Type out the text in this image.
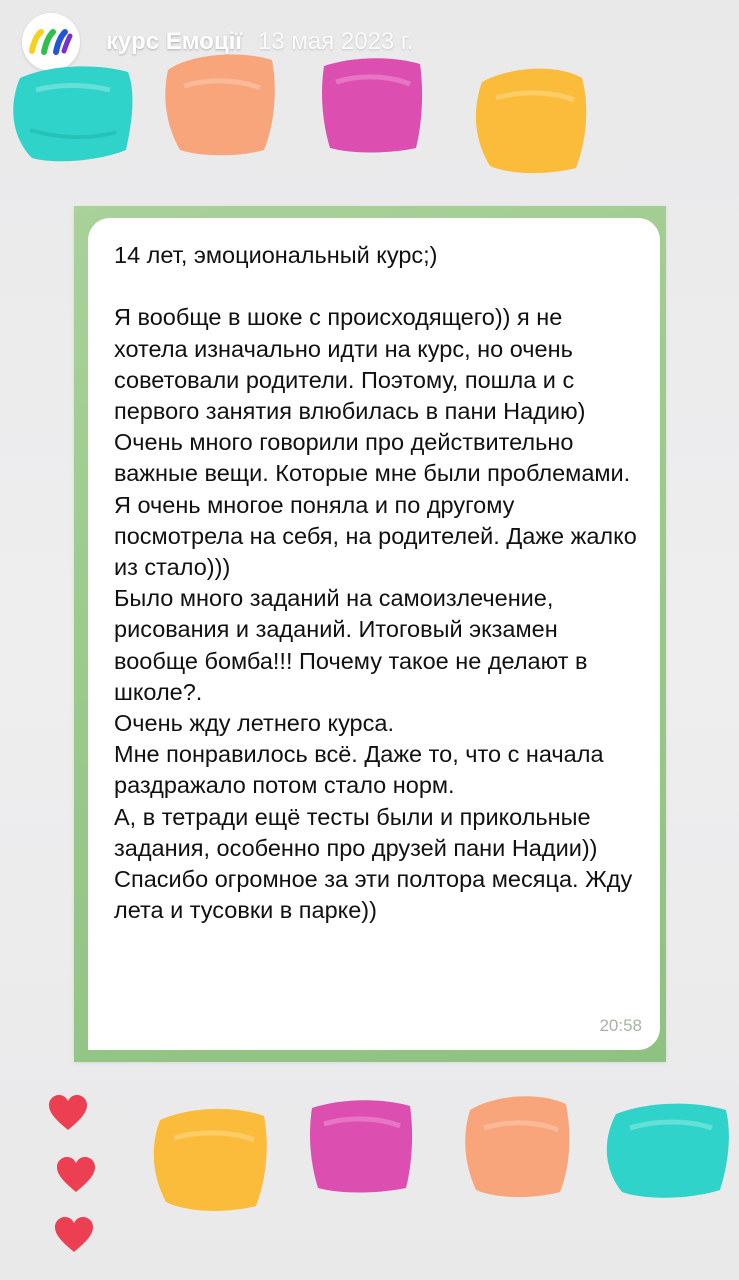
курс Емоції 13 мая 2023 г.
14 лет, эмоциональный курс;)

Я вообще в шоке с происходящего)) я не хотела изначально идти на курс, но очень советовали родители. Поэтому, пошла и с первого занятия влюбилась в пани Надию)
Очень много говорили про действительно важные вещи. Которые мне были проблемами. Я очень многое поняла и по другому посмотрела на себя, на родителей. Даже жалко из стало)))
Было много заданий на самоизлечение, рисования и заданий. Итоговый экзамен вообще бомба!!! Почему такое не делают в школе?.
Очень жду летнего курса.
Мне понравилось всё. Даже то, что с начала раздражало потом стало норм.
А, в тетради ещё тесты были и прикольные задания, особенно про друзей пани Надии))
Спасибо огромное за эти полтора месяца. Жду лета и тусовки в парке))
20:58
